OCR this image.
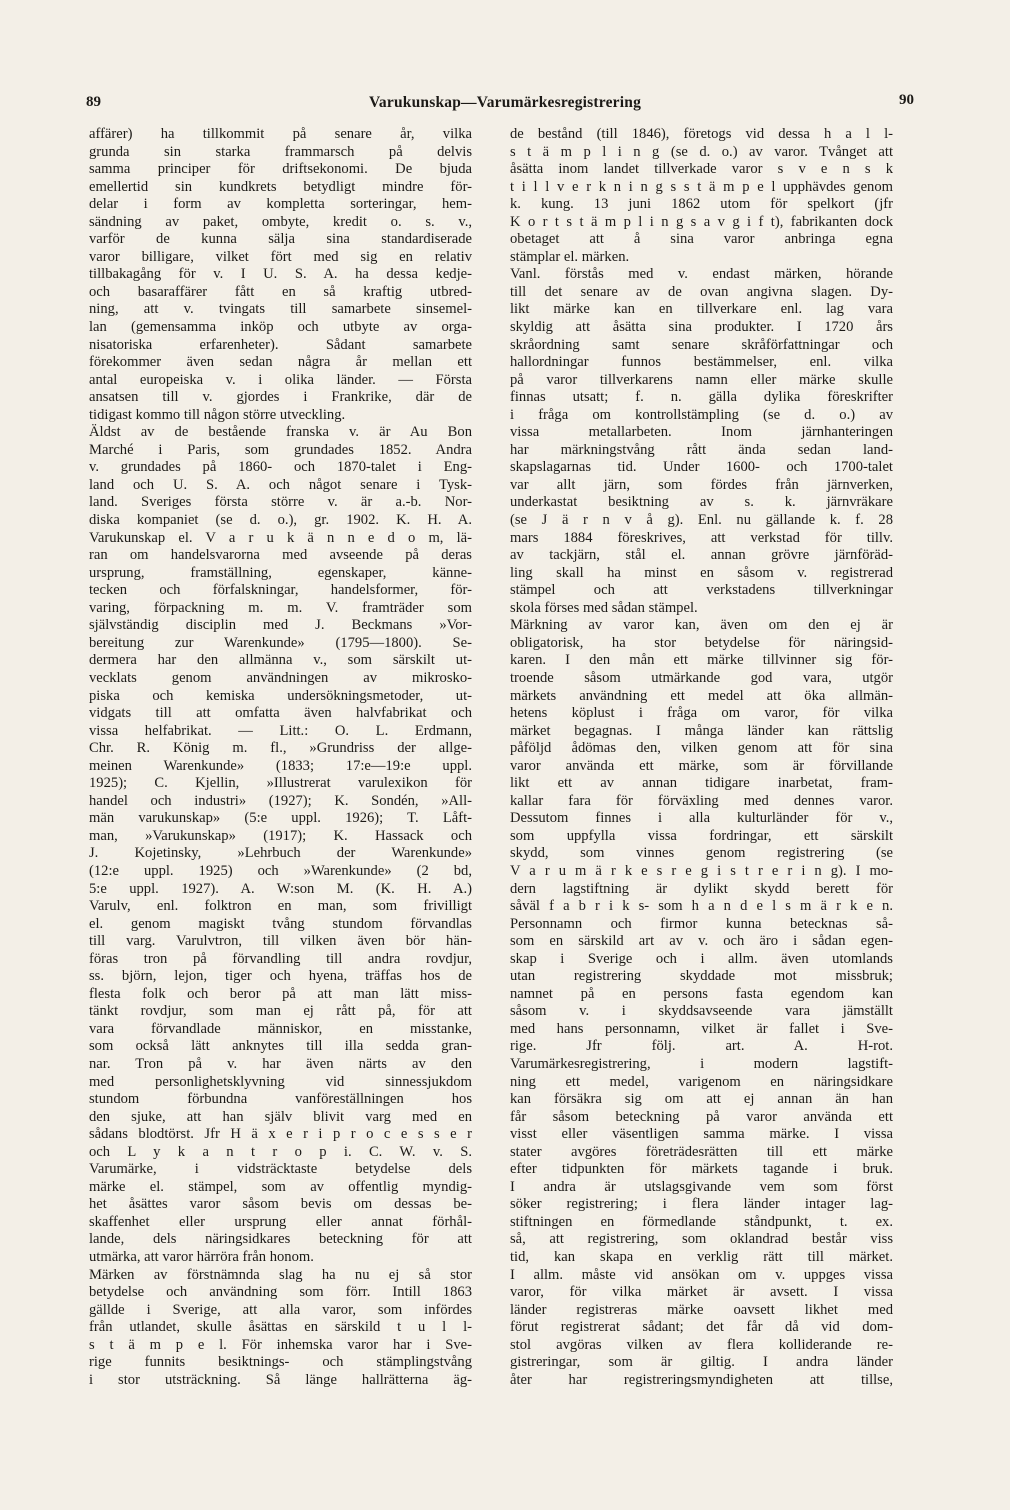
89	Varukunskap—Varumärkesregistrering	90
affärer) ha tillkommit på senare år, vilka
grunda sin starka frammarsch på delvis
samma principer för driftsekonomi. De bjuda
emellertid sin kundkrets betydligt mindre för-
delar i form av kompletta sorteringar, hem-
sändning av paket, ombyte, kredit o. s. v.,
varför de kunna sälja sina standardiserade
varor billigare, vilket fört med sig en relativ
tillbakagång för v. I U. S. A. ha dessa kedje-
och basaraffärer fått en så kraftig utbred-
ning, att v. tvingats till samarbete sinsemel-
lan (gemensamma inköp och utbyte av orga-
nisatoriska erfarenheter). Sådant samarbete
förekommer även sedan några år mellan ett
antal europeiska v. i olika länder. — Första
ansatsen till v. gjordes i Frankrike, där de
tidigast kommo till någon större utveckling.
Äldst av de bestående franska v. är Au Bon
Marché i Paris, som grundades 1852. Andra
v. grundades på 1860- och 1870-talet i Eng-
land och U. S. A. och något senare i Tysk-
land. Sveriges första större v. är a.-b. Nor-
diska kompaniet (se d. o.), gr. 1902. K. H. A.
Varukunskap el. V a r u k ä n n e d o m, lä-
ran om handelsvarorna med avseende på deras
ursprung, framställning, egenskaper, känne-
tecken och förfalskningar, handelsformer, för-
varing, förpackning m. m. V. framträder som
självständig disciplin med J. Beckmans »Vor-
bereitung zur Warenkunde» (1795—1800). Se-
dermera har den allmänna v., som särskilt ut-
vecklats genom användningen av mikrosko-
piska och kemiska undersökningsmetoder, ut-
vidgats till att omfatta även halvfabrikat och
vissa helfabrikat. — Litt.: O. L. Erdmann,
Chr. R. König m. fl., »Grundriss der allge-
meinen Warenkunde» (1833; 17:e—19:e uppl.
1925); C. Kjellin, »Illustrerat varulexikon för
handel och industri» (1927); K. Sondén, »All-
män varukunskap» (5:e uppl. 1926); T. Låft-
man, »Varukunskap» (1917); K. Hassack och
J. Kojetinsky, »Lehrbuch der Warenkunde»
(12:e uppl. 1925) och »Warenkunde» (2 bd,
5:e uppl. 1927). A. W:son M. (K. H. A.)
Varulv, enl. folktron en man, som frivilligt
el. genom magiskt tvång stundom förvandlas
till varg. Varulvtron, till vilken även bör hän-
föras tron på förvandling till andra rovdjur,
ss. björn, lejon, tiger och hyena, träffas hos de
flesta folk och beror på att man lätt miss-
tänkt rovdjur, som man ej rått på, för att
vara förvandlade människor, en misstanke,
som också lätt anknytes till illa sedda gran-
nar. Tron på v. har även närts av den
med personlighetsklyvning vid sinnessjukdom
stundom förbundna vanföreställningen hos
den sjuke, att han själv blivit varg med en
sådans blodtörst. Jfr H ä x e r i p r o c e s s e r
och L y k a n t r o p i. C. W. v. S.
Varumärke, i vidsträcktaste betydelse dels
märke el. stämpel, som av offentlig myndig-
het åsättes varor såsom bevis om dessas be-
skaffenhet eller ursprung eller annat förhål-
lande, dels näringsidkares beteckning för att
utmärka, att varor härröra från honom.
Märken av förstnämnda slag ha nu ej så stor
betydelse och användning som förr. Intill 1863
gällde i Sverige, att alla varor, som infördes
från utlandet, skulle åsättas en särskild t u l l-
s t ä m p e l. För inhemska varor har i Sve-
rige funnits besiktnings- och stämplingstvång
i stor utsträckning. Så länge hallrätterna äg-
de bestånd (till 1846), företogs vid dessa h a l l-
s t ä m p l i n g (se d. o.) av varor. Tvånget att
åsätta inom landet tillverkade varor s v e n s k
t i l l v e r k n i n g s s t ä m p e l upphävdes genom
k. kung. 13 juni 1862 utom för spelkort (jfr
K o r t s t ä m p l i n g s a v g i f t), fabrikanten dock
obetaget att å sina varor anbringa egna
stämplar el. märken.
Vanl. förstås med v. endast märken, hörande
till det senare av de ovan angivna slagen. Dy-
likt märke kan en tillverkare enl. lag vara
skyldig att åsätta sina produkter. I 1720 års
skråordning samt senare skråförfattningar och
hallordningar funnos bestämmelser, enl. vilka
på varor tillverkarens namn eller märke skulle
finnas utsatt; f. n. gälla dylika föreskrifter
i fråga om kontrollstämpling (se d. o.) av
vissa metallarbeten. Inom järnhanteringen
har märkningstvång rått ända sedan land-
skapslagarnas tid. Under 1600- och 1700-talet
var allt järn, som fördes från järnverken,
underkastat besiktning av s. k. järnvräkare
(se J ä r n v å g). Enl. nu gällande k. f. 28
mars 1884 föreskrives, att verkstad för tillv.
av tackjärn, stål el. annan grövre järnföräd-
ling skall ha minst en såsom v. registrerad
stämpel och att verkstadens tillverkningar
skola förses med sådan stämpel.
Märkning av varor kan, även om den ej är
obligatorisk, ha stor betydelse för näringsid-
karen. I den mån ett märke tillvinner sig för-
troende såsom utmärkande god vara, utgör
märkets användning ett medel att öka allmän-
hetens köplust i fråga om varor, för vilka
märket begagnas. I många länder kan rättslig
påföljd ådömas den, vilken genom att för sina
varor använda ett märke, som är förvillande
likt ett av annan tidigare inarbetat, fram-
kallar fara för förväxling med dennes varor.
Dessutom finnes i alla kulturländer för v.,
som uppfylla vissa fordringar, ett särskilt
skydd, som vinnes genom registrering (se
V a r u m ä r k e s r e g i s t r e r i n g). I mo-
dern lagstiftning är dylikt skydd berett för
såväl f a b r i k s- som h a n d e l s m ä r k e n.
Personnamn och firmor kunna betecknas så-
som en särskild art av v. och äro i sådan egen-
skap i Sverige och i allm. även utomlands
utan registrering skyddade mot missbruk;
namnet på en persons fasta egendom kan
såsom v. i skyddsavseende vara jämställt
med hans personnamn, vilket är fallet i Sve-
rige. Jfr följ. art. A. H-rot.
Varumärkesregistrering, i modern lagstift-
ning ett medel, varigenom en näringsidkare
kan försäkra sig om att ej annan än han
får såsom beteckning på varor använda ett
visst eller väsentligen samma märke. I vissa
stater avgöres företrädesrätten till ett märke
efter tidpunkten för märkets tagande i bruk.
I andra är utslagsgivande vem som först
söker registrering; i flera länder intager lag-
stiftningen en förmedlande ståndpunkt, t. ex.
så, att registrering, som oklandrad består viss
tid, kan skapa en verklig rätt till märket.
I allm. måste vid ansökan om v. uppges vissa
varor, för vilka märket är avsett. I vissa
länder registreras märke oavsett likhet med
förut registrerat sådant; det får då vid dom-
stol avgöras vilken av flera kolliderande re-
gistreringar, som är giltig. I andra länder
åter har registreringsmyndigheten att tillse,
